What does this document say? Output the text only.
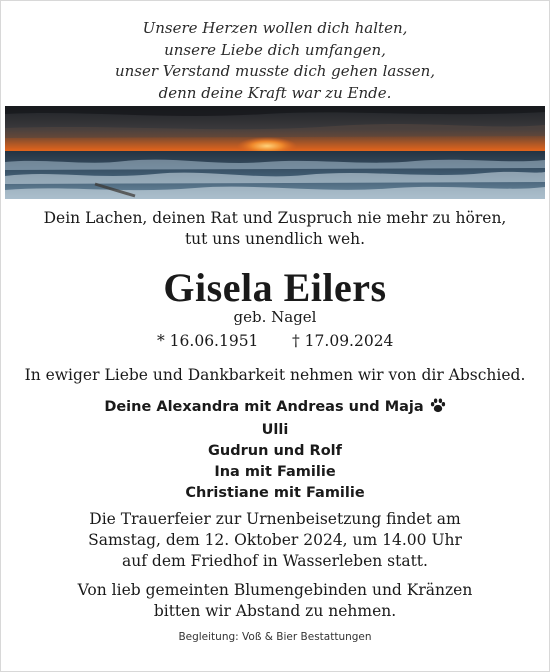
Unsere Herzen wollen dich halten,
unsere Liebe dich umfangen,
unser Verstand musste dich gehen lassen,
denn deine Kraft war zu Ende.
Dein Lachen, deinen Rat und Zuspruch nie mehr zu hören,
tut uns unendlich weh.
Gisela Eilers
geb. Nagel
* 16.06.1951 † 17.09.2024
In ewiger Liebe und Dankbarkeit nehmen wir von dir Abschied.
Deine Alexandra mit Andreas und Maja
Ulli
Gudrun und Rolf
Ina mit Familie
Christiane mit Familie
Die Trauerfeier zur Urnenbeisetzung findet am
Samstag, dem 12. Oktober 2024, um 14.00 Uhr
auf dem Friedhof in Wasserleben statt.
Von lieb gemeinten Blumengebinden und Kränzen
bitten wir Abstand zu nehmen.
Begleitung: Voß & Bier Bestattungen
